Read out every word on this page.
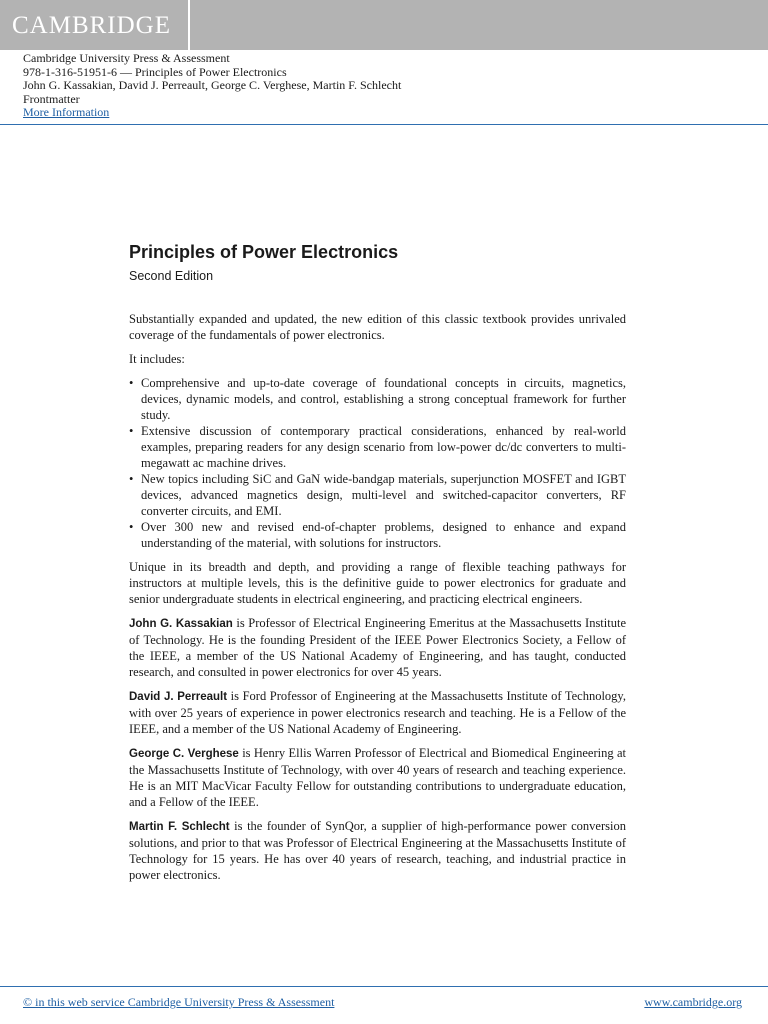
CAMBRIDGE
Cambridge University Press & Assessment
978-1-316-51951-6 — Principles of Power Electronics
John G. Kassakian, David J. Perreault, George C. Verghese, Martin F. Schlecht
Frontmatter
More Information
Principles of Power Electronics
Second Edition

Substantially expanded and updated, the new edition of this classic textbook provides unrivaled coverage of the fundamentals of power electronics.

It includes:

• Comprehensive and up-to-date coverage of foundational concepts in circuits, magnetics, devices, dynamic models, and control, establishing a strong conceptual framework for further study.
• Extensive discussion of contemporary practical considerations, enhanced by real-world examples, preparing readers for any design scenario from low-power dc/dc converters to multi-megawatt ac machine drives.
• New topics including SiC and GaN wide-bandgap materials, superjunction MOSFET and IGBT devices, advanced magnetics design, multi-level and switched-capacitor converters, RF converter circuits, and EMI.
• Over 300 new and revised end-of-chapter problems, designed to enhance and expand understanding of the material, with solutions for instructors.

Unique in its breadth and depth, and providing a range of flexible teaching pathways for instructors at multiple levels, this is the definitive guide to power electronics for graduate and senior undergraduate students in electrical engineering, and practicing electrical engineers.

John G. Kassakian is Professor of Electrical Engineering Emeritus at the Massachusetts Institute of Technology. He is the founding President of the IEEE Power Electronics Society, a Fellow of the IEEE, a member of the US National Academy of Engineering, and has taught, conducted research, and consulted in power electronics for over 45 years.

David J. Perreault is Ford Professor of Engineering at the Massachusetts Institute of Technology, with over 25 years of experience in power electronics research and teaching. He is a Fellow of the IEEE, and a member of the US National Academy of Engineering.

George C. Verghese is Henry Ellis Warren Professor of Electrical and Biomedical Engineering at the Massachusetts Institute of Technology, with over 40 years of research and teaching experience. He is an MIT MacVicar Faculty Fellow for outstanding contributions to undergraduate education, and a Fellow of the IEEE.

Martin F. Schlecht is the founder of SynQor, a supplier of high-performance power conversion solutions, and prior to that was Professor of Electrical Engineering at the Massachusetts Institute of Technology for 15 years. He has over 40 years of research, teaching, and industrial practice in power electronics.

© in this web service Cambridge University Press & Assessment	www.cambridge.org
